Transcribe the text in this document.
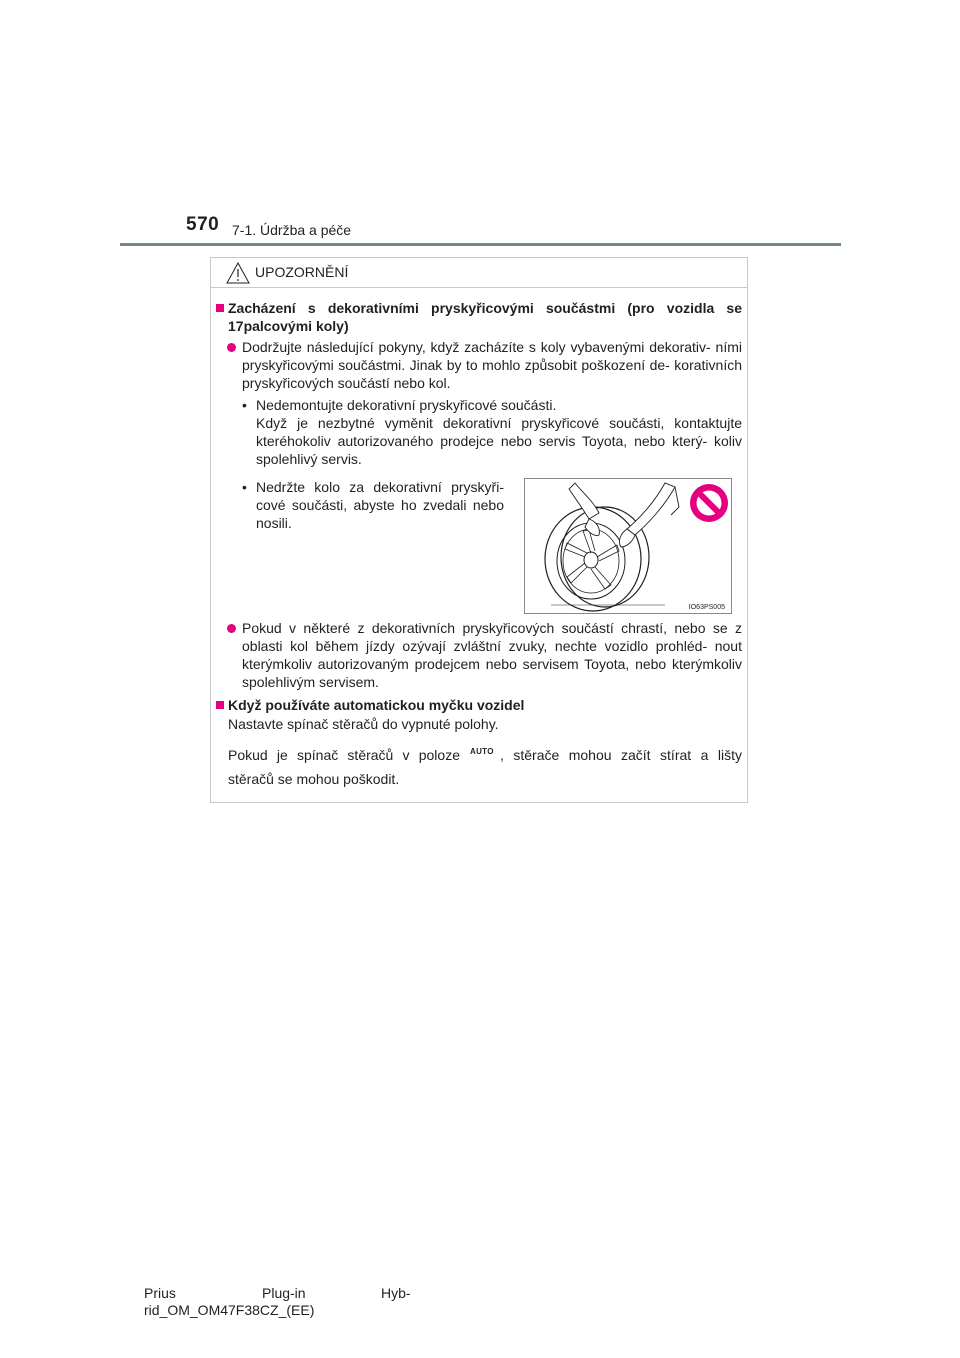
570 7-1. Údržba a péče
UPOZORNĚNÍ
Zacházení s dekorativními pryskyřicovými součástmi (pro vozidla se
17palcovými koly)
Dodržujte následující pokyny, když zacházíte s koly vybavenými dekorativ- ními pryskyřicovými součástmi. Jinak by to mohlo způsobit poškození de- korativních pryskyřicových součástí nebo kol.
• Nedemontujte dekorativní pryskyřicové součásti.
Když je nezbytné vyměnit dekorativní pryskyřicové součásti, kontaktujte kteréhokoliv autorizovaného prodejce nebo servis Toyota, nebo který- koliv spolehlivý servis.
• Nedržte kolo za dekorativní pryskyři- cové součásti, abyste ho zvedali nebo nosili.
IO63PS005
Pokud v některé z dekorativních pryskyřicových součástí chrastí, nebo se z oblasti kol během jízdy ozývají zvláštní zvuky, nechte vozidlo prohléd- nout kterýmkoliv autorizovaným prodejcem nebo servisem Toyota, nebo kterýmkoliv spolehlivým servisem.
Když používáte automatickou myčku vozidel
Nastavte spínač stěračů do vypnuté polohy.
Pokud je spínač stěračů v poloze AUTO , stěrače mohou začít stírat a lišty
stěračů se mohou poškodit.
Prius	Plug-in	Hyb-
rid_OM_OM47F38CZ_(EE)
